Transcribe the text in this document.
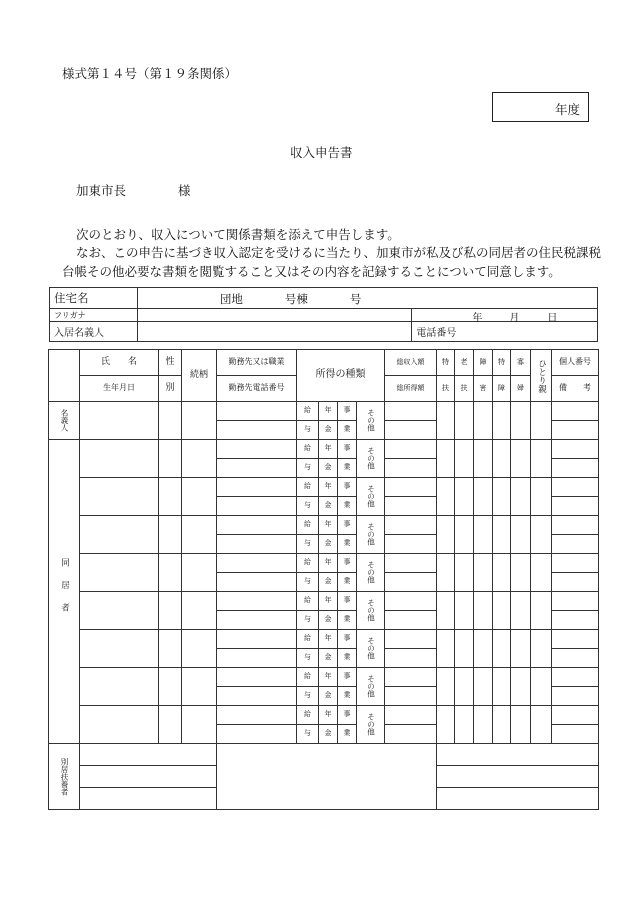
様式第１４号（第１９条関係）
年度
収入申告書
加東市長	様
次のとおり、収入について関係書類を添えて申告します。
なお、この申告に基づき収入認定を受けるに当たり、加東市が私及び私の同居者の住民税課税
台帳その他必要な書類を閲覧すること又はその内容を記録することについて同意します。
住宅名	団地 号棟 号	

フリガナ		年 月 日

入居名義人		電話番号
	氏　　名	性	続柄	勤務先又は職業	所得の種類				総収入額	特	老	障	特	寡	ひとり親	個人番号
	生年月日	別		勤務先電話番号					総所得額	扶	扶	害	障	婦		備　　考

名義人					給	年	事	その他								

					与	金	業									

同居者					給	年	事	その他								

					与	金	業									
					給	年	事	その他								

					与	金	業									
					給	年	事	その他								

					与	金	業									
					給	年	事	その他								

					与	金	業									
					給	年	事	その他								

					与	金	業									
					給	年	事	その他								

					与	金	業									
					給	年	事	その他								

					与	金	業									
					給	年	事	その他								

					与	金	業									

別居扶養者																
